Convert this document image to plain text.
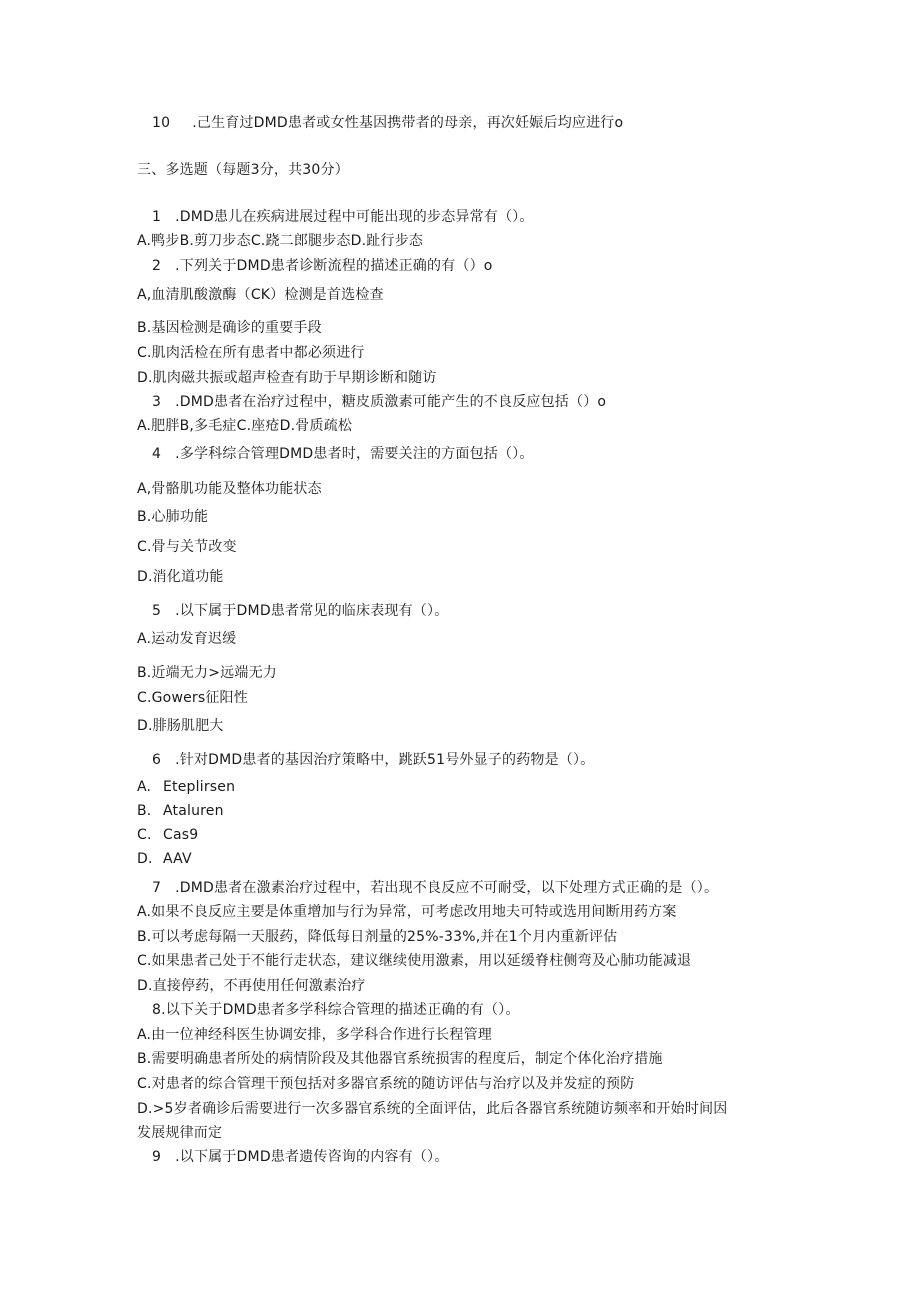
10 .己生育过DMD患者或女性基因携带者的母亲，再次妊娠后均应进行o
三、多选题（每题3分，共30分）
1 .DMD患儿在疾病进展过程中可能出现的步态异常有（）。
A.鸭步B.剪刀步态C.跷二郎腿步态D.趾行步态
2 .下列关于DMD患者诊断流程的描述正确的有（）o
A,血清肌酸激酶（CK）检测是首选检查
B.基因检测是确诊的重要手段
C.肌肉活检在所有患者中都必须进行
D.肌肉磁共振或超声检查有助于早期诊断和随访
3 .DMD患者在治疗过程中，糖皮质激素可能产生的不良反应包括（）o
A.肥胖B,多毛症C.座疮D.骨质疏松
4 .多学科综合管理DMD患者时，需要关注的方面包括（）。
A,骨骼肌功能及整体功能状态
B.心肺功能
C.骨与关节改变
D.消化道功能
5 .以下属于DMD患者常见的临床表现有（）。
A.运动发育迟缓
B.近端无力>远端无力
C.Gowers征阳性
D.腓肠肌肥大
6 .针对DMD患者的基因治疗策略中，跳跃51号外显子的药物是（）。
A. Eteplirsen
B. Ataluren
C. Cas9
D. AAV
7 .DMD患者在激素治疗过程中，若出现不良反应不可耐受，以下处理方式正确的是（）。
A.如果不良反应主要是体重增加与行为异常，可考虑改用地夫可特或选用间断用药方案
B.可以考虑每隔一天服药，降低每日剂量的25%-33%,并在1个月内重新评估
C.如果患者己处于不能行走状态，建议继续使用激素，用以延缓脊柱侧弯及心肺功能减退
D.直接停药，不再使用任何激素治疗
8.以下关于DMD患者多学科综合管理的描述正确的有（）。
A.由一位神经科医生协调安排，多学科合作进行长程管理
B.需要明确患者所处的病情阶段及其他器官系统损害的程度后，制定个体化治疗措施
C.对患者的综合管理干预包括对多器官系统的随访评估与治疗以及并发症的预防
D.>5岁者确诊后需要进行一次多器官系统的全面评估，此后各器官系统随访频率和开始时间因
发展规律而定
9 .以下属于DMD患者遗传咨询的内容有（）。
